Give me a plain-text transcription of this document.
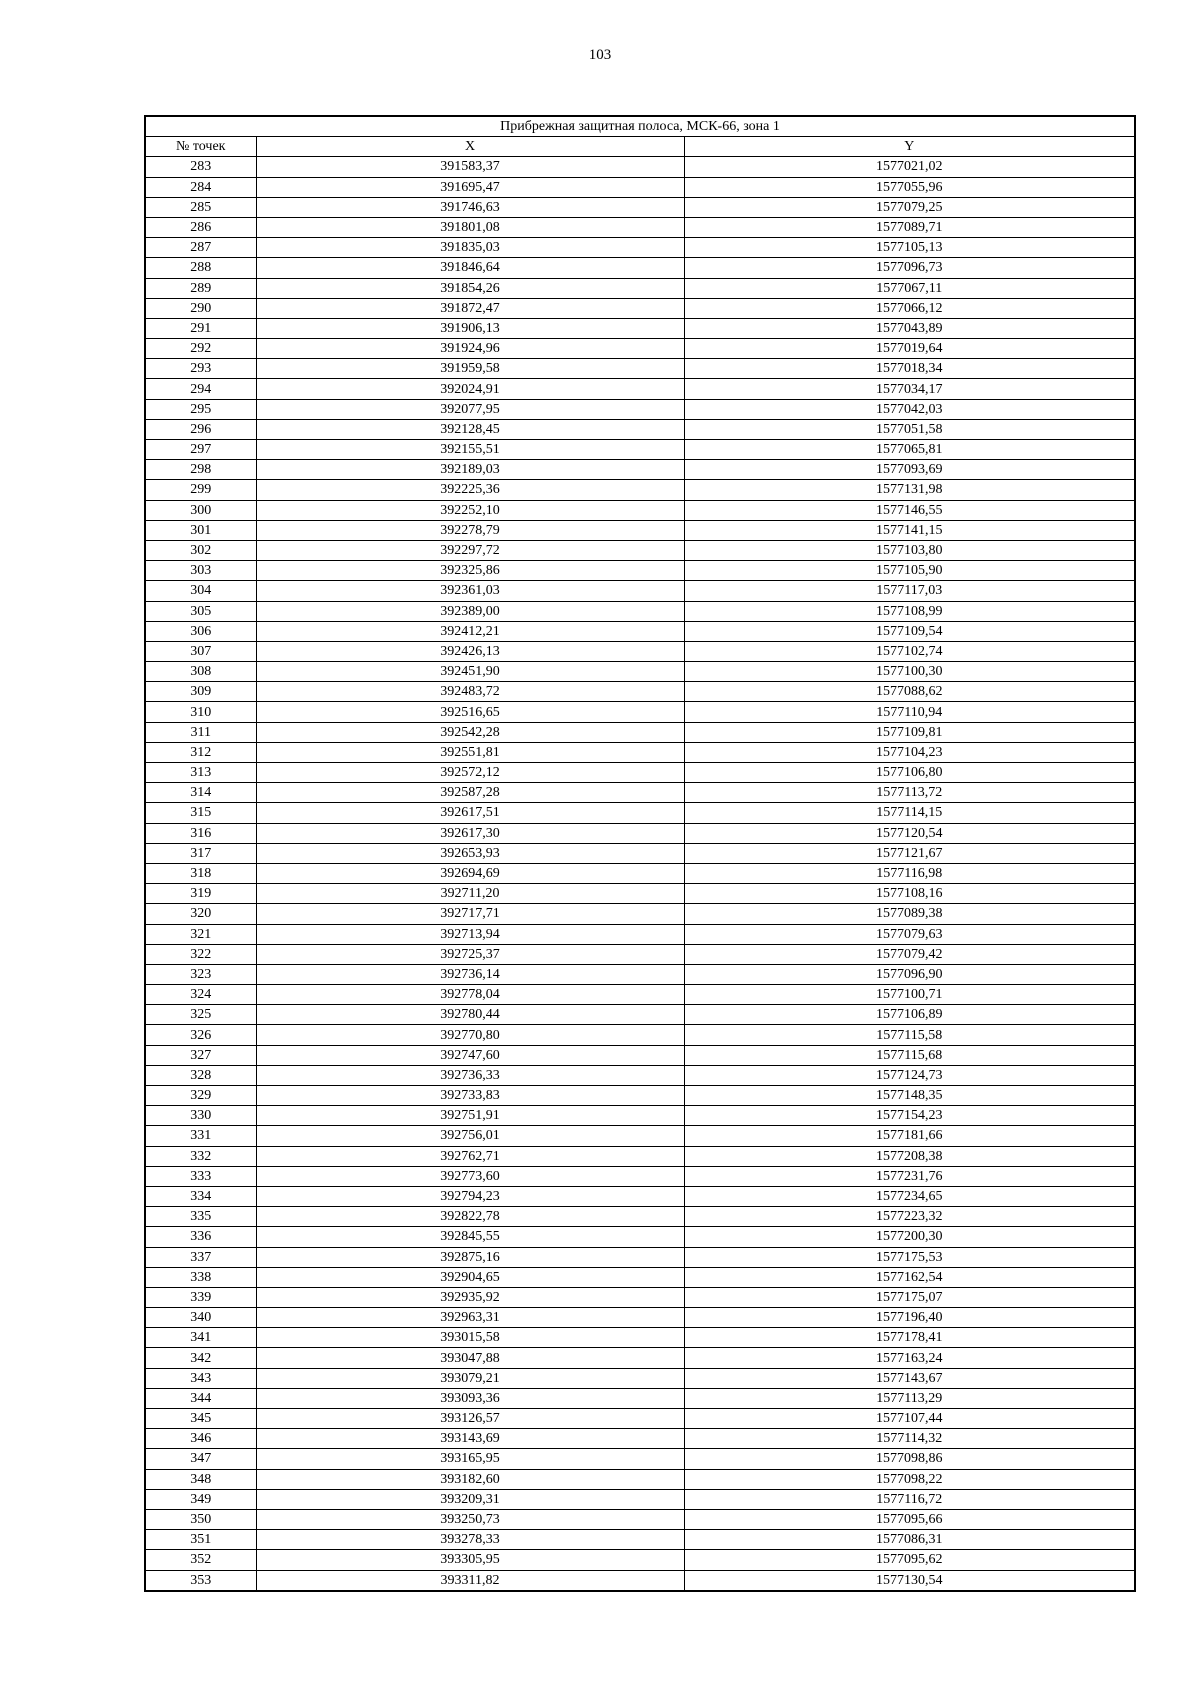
103
Прибрежная защитная полоса, МСК-66, зона 1		
№ точек	X	Y
283	391583,37	1577021,02
284	391695,47	1577055,96
285	391746,63	1577079,25
286	391801,08	1577089,71
287	391835,03	1577105,13
288	391846,64	1577096,73
289	391854,26	1577067,11
290	391872,47	1577066,12
291	391906,13	1577043,89
292	391924,96	1577019,64
293	391959,58	1577018,34
294	392024,91	1577034,17
295	392077,95	1577042,03
296	392128,45	1577051,58
297	392155,51	1577065,81
298	392189,03	1577093,69
299	392225,36	1577131,98
300	392252,10	1577146,55
301	392278,79	1577141,15
302	392297,72	1577103,80
303	392325,86	1577105,90
304	392361,03	1577117,03
305	392389,00	1577108,99
306	392412,21	1577109,54
307	392426,13	1577102,74
308	392451,90	1577100,30
309	392483,72	1577088,62
310	392516,65	1577110,94
311	392542,28	1577109,81
312	392551,81	1577104,23
313	392572,12	1577106,80
314	392587,28	1577113,72
315	392617,51	1577114,15
316	392617,30	1577120,54
317	392653,93	1577121,67
318	392694,69	1577116,98
319	392711,20	1577108,16
320	392717,71	1577089,38
321	392713,94	1577079,63
322	392725,37	1577079,42
323	392736,14	1577096,90
324	392778,04	1577100,71
325	392780,44	1577106,89
326	392770,80	1577115,58
327	392747,60	1577115,68
328	392736,33	1577124,73
329	392733,83	1577148,35
330	392751,91	1577154,23
331	392756,01	1577181,66
332	392762,71	1577208,38
333	392773,60	1577231,76
334	392794,23	1577234,65
335	392822,78	1577223,32
336	392845,55	1577200,30
337	392875,16	1577175,53
338	392904,65	1577162,54
339	392935,92	1577175,07
340	392963,31	1577196,40
341	393015,58	1577178,41
342	393047,88	1577163,24
343	393079,21	1577143,67
344	393093,36	1577113,29
345	393126,57	1577107,44
346	393143,69	1577114,32
347	393165,95	1577098,86
348	393182,60	1577098,22
349	393209,31	1577116,72
350	393250,73	1577095,66
351	393278,33	1577086,31
352	393305,95	1577095,62
353	393311,82	1577130,54
